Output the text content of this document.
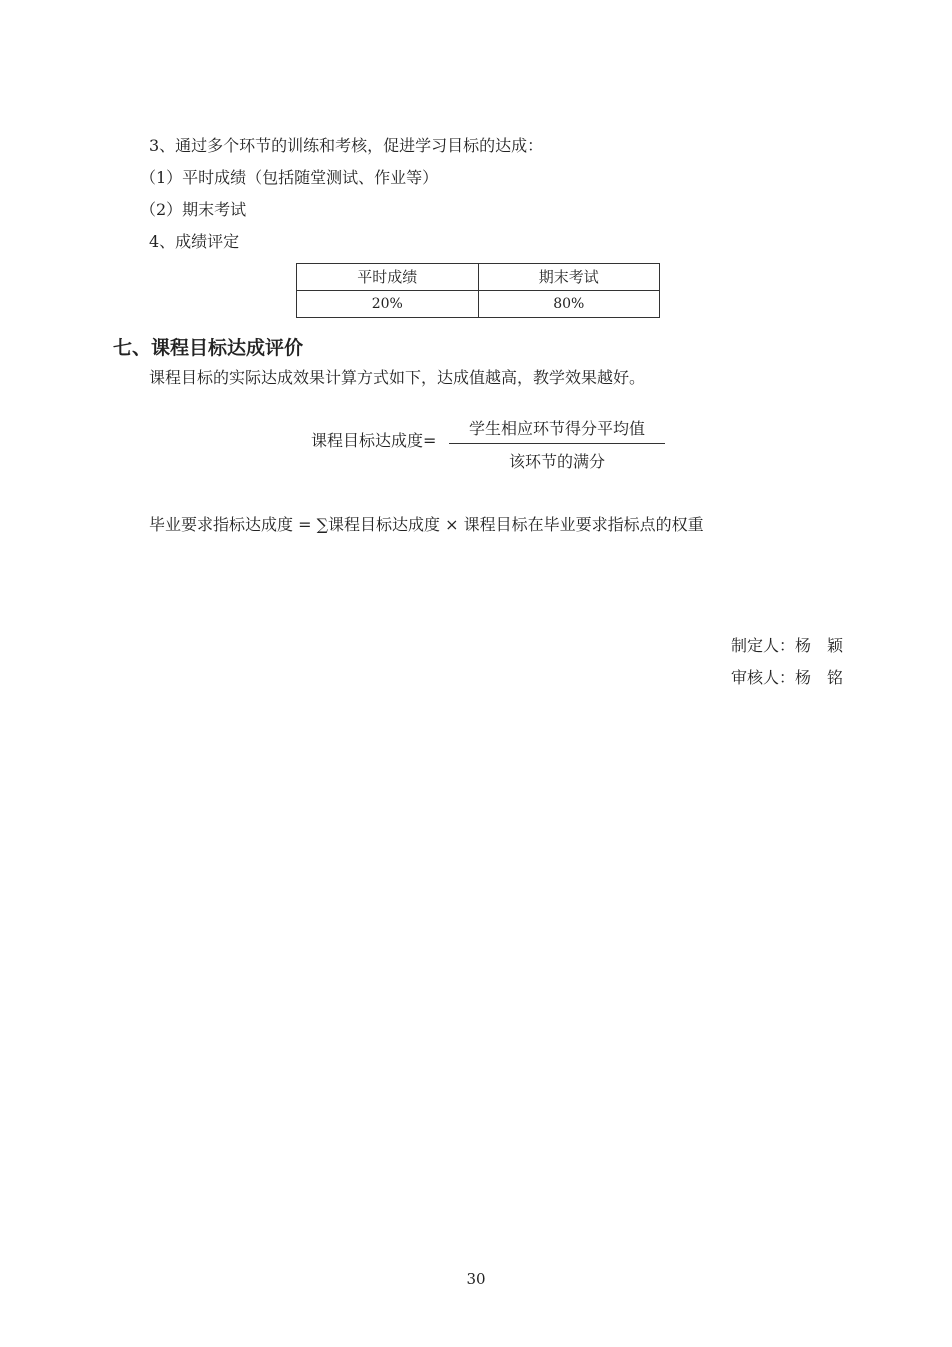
3、通过多个环节的训练和考核，促进学习目标的达成：
（1）平时成绩（包括随堂测试、作业等）
（2）期末考试
4、成绩评定
平时成绩	期末考试
20%	80%
七、课程目标达成评价
课程目标的实际达成效果计算方式如下，达成值越高，教学效果越好。
课程目标达成度=
学生相应环节得分平均值
该环节的满分
毕业要求指标达成度 = ∑课程目标达成度 × 课程目标在毕业要求指标点的权重
制定人：杨　颖
审核人：杨　铭
30
